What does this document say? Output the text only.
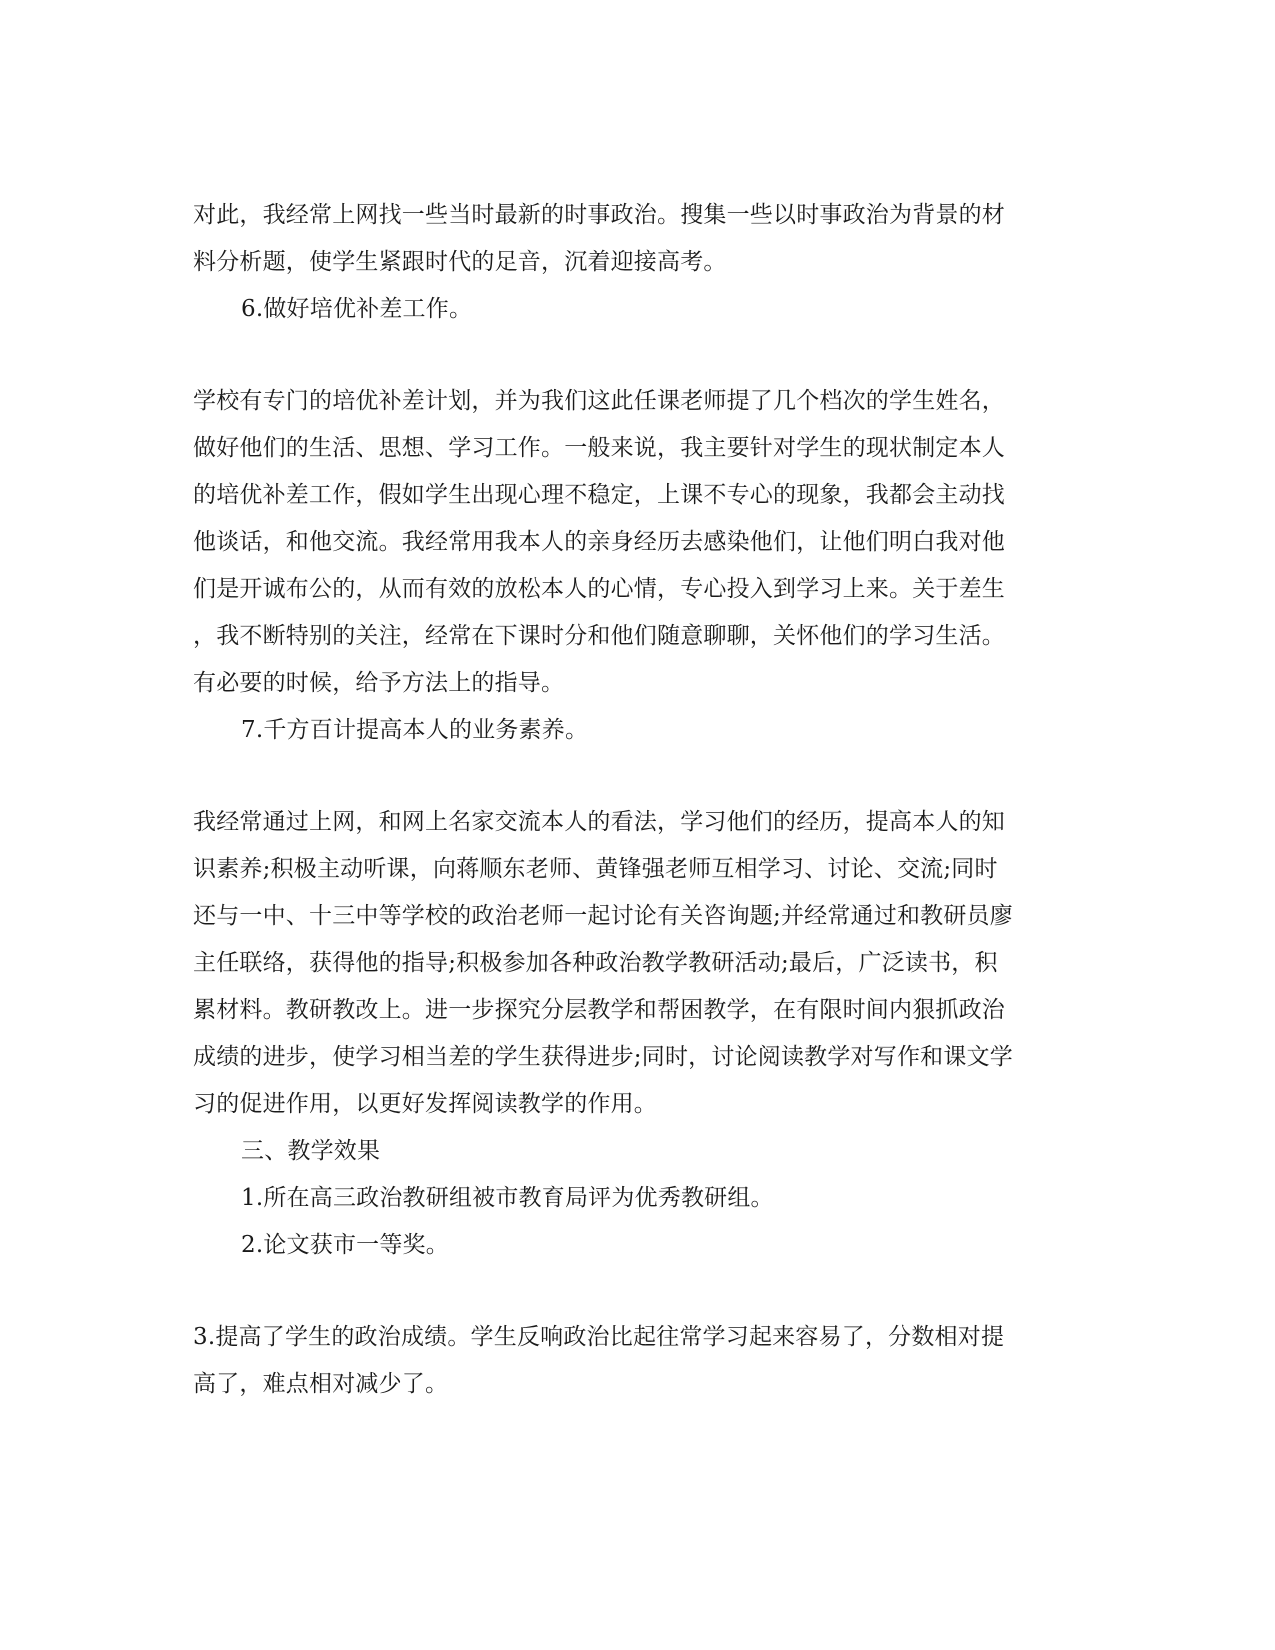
对此，我经常上网找一些当时最新的时事政治。搜集一些以时事政治为背景的材
料分析题，使学生紧跟时代的足音，沉着迎接高考。
6.做好培优补差工作。
学校有专门的培优补差计划，并为我们这此任课老师提了几个档次的学生姓名，
做好他们的生活、思想、学习工作。一般来说，我主要针对学生的现状制定本人
的培优补差工作，假如学生出现心理不稳定，上课不专心的现象，我都会主动找
他谈话，和他交流。我经常用我本人的亲身经历去感染他们，让他们明白我对他
们是开诚布公的，从而有效的放松本人的心情，专心投入到学习上来。关于差生
，我不断特别的关注，经常在下课时分和他们随意聊聊，关怀他们的学习生活。
有必要的时候，给予方法上的指导。
7.千方百计提高本人的业务素养。
我经常通过上网，和网上名家交流本人的看法，学习他们的经历，提高本人的知
识素养;积极主动听课，向蒋顺东老师、黄锋强老师互相学习、讨论、交流;同时
还与一中、十三中等学校的政治老师一起讨论有关咨询题;并经常通过和教研员廖
主任联络，获得他的指导;积极参加各种政治教学教研活动;最后，广泛读书，积
累材料。教研教改上。进一步探究分层教学和帮困教学，在有限时间内狠抓政治
成绩的进步，使学习相当差的学生获得进步;同时，讨论阅读教学对写作和课文学
习的促进作用，以更好发挥阅读教学的作用。
三、教学效果
1.所在高三政治教研组被市教育局评为优秀教研组。
2.论文获市一等奖。
3.提高了学生的政治成绩。学生反响政治比起往常学习起来容易了，分数相对提
高了，难点相对减少了。
